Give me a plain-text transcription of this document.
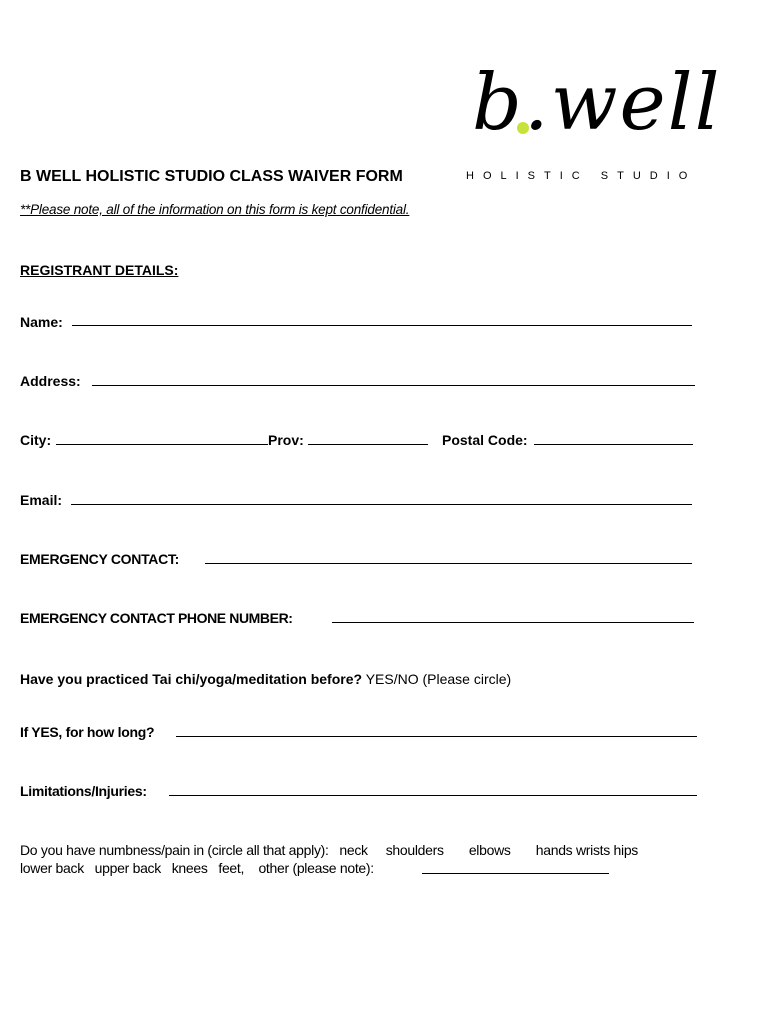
b.well
HOLISTIC STUDIO
B WELL HOLISTIC STUDIO CLASS WAIVER FORM
**Please note, all of the information on this form is kept confidential.
REGISTRANT DETAILS:
Name:
Address:
City:	Prov:	Postal Code:
Email:
EMERGENCY CONTACT:
EMERGENCY CONTACT PHONE NUMBER:
Have you practiced Tai chi/yoga/meditation before? YES/NO (Please circle)
If YES, for how long?
Limitations/Injuries:
Do you have numbness/pain in (circle all that apply):   neck     shoulders       elbows       hands wrists hips
lower back   upper back   knees   feet,    other (please note):
